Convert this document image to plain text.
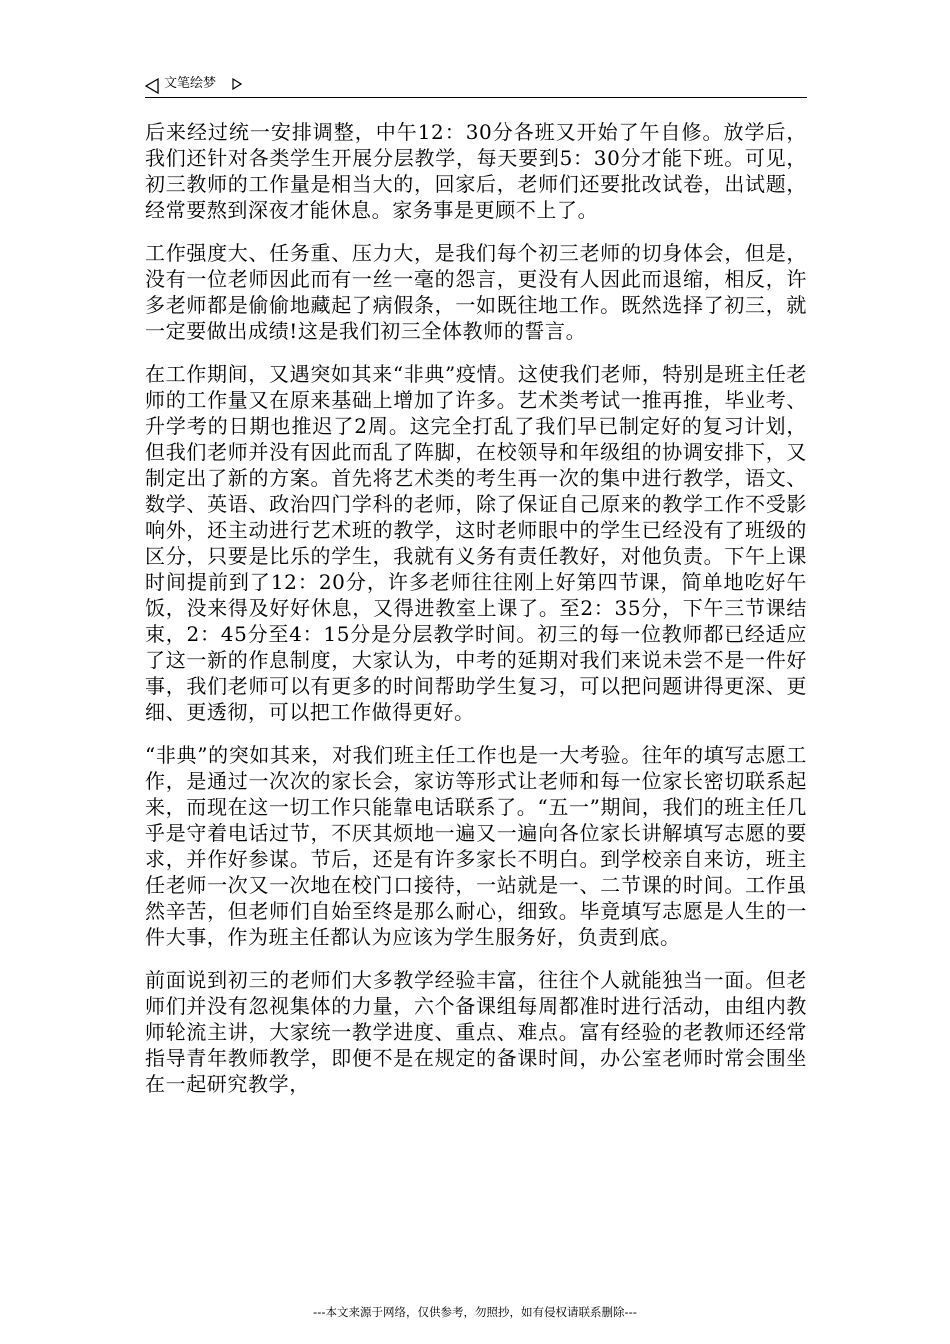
文笔绘梦

后来经过统一安排调整，中午12：30分各班又开始了午自修。放学后，我们还针对各类学生开展分层教学，每天要到5：30分才能下班。可见，初三教师的工作量是相当大的，回家后，老师们还要批改试卷，出试题，经常要熬到深夜才能休息。家务事是更顾不上了。

工作强度大、任务重、压力大，是我们每个初三老师的切身体会，但是，没有一位老师因此而有一丝一毫的怨言，更没有人因此而退缩，相反，许多老师都是偷偷地藏起了病假条，一如既往地工作。既然选择了初三，就一定要做出成绩!这是我们初三全体教师的誓言。

在工作期间，又遇突如其来“非典”疫情。这使我们老师，特别是班主任老师的工作量又在原来基础上增加了许多。艺术类考试一推再推，毕业考、升学考的日期也推迟了2周。这完全打乱了我们早已制定好的复习计划，但我们老师并没有因此而乱了阵脚，在校领导和年级组的协调安排下，又制定出了新的方案。首先将艺术类的考生再一次的集中进行教学，语文、数学、英语、政治四门学科的老师，除了保证自己原来的教学工作不受影响外，还主动进行艺术班的教学，这时老师眼中的学生已经没有了班级的区分，只要是比乐的学生，我就有义务有责任教好，对他负责。下午上课时间提前到了12：20分，许多老师往往刚上好第四节课，简单地吃好午饭，没来得及好好休息，又得进教室上课了。至2：35分，下午三节课结束，2：45分至4：15分是分层教学时间。初三的每一位教师都已经适应了这一新的作息制度，大家认为，中考的延期对我们来说未尝不是一件好事，我们老师可以有更多的时间帮助学生复习，可以把问题讲得更深、更细、更透彻，可以把工作做得更好。

“非典”的突如其来，对我们班主任工作也是一大考验。往年的填写志愿工作，是通过一次次的家长会，家访等形式让老师和每一位家长密切联系起来，而现在这一切工作只能靠电话联系了。“五一”期间，我们的班主任几乎是守着电话过节，不厌其烦地一遍又一遍向各位家长讲解填写志愿的要求，并作好参谋。节后，还是有许多家长不明白。到学校亲自来访，班主任老师一次又一次地在校门口接待，一站就是一、二节课的时间。工作虽然辛苦，但老师们自始至终是那么耐心，细致。毕竟填写志愿是人生的一件大事，作为班主任都认为应该为学生服务好，负责到底。

前面说到初三的老师们大多教学经验丰富，往往个人就能独当一面。但老师们并没有忽视集体的力量，六个备课组每周都准时进行活动，由组内教师轮流主讲，大家统一教学进度、重点、难点。富有经验的老教师还经常指导青年教师教学，即便不是在规定的备课时间，办公室老师时常会围坐在一起研究教学，

---本文来源于网络，仅供参考，勿照抄，如有侵权请联系删除---
